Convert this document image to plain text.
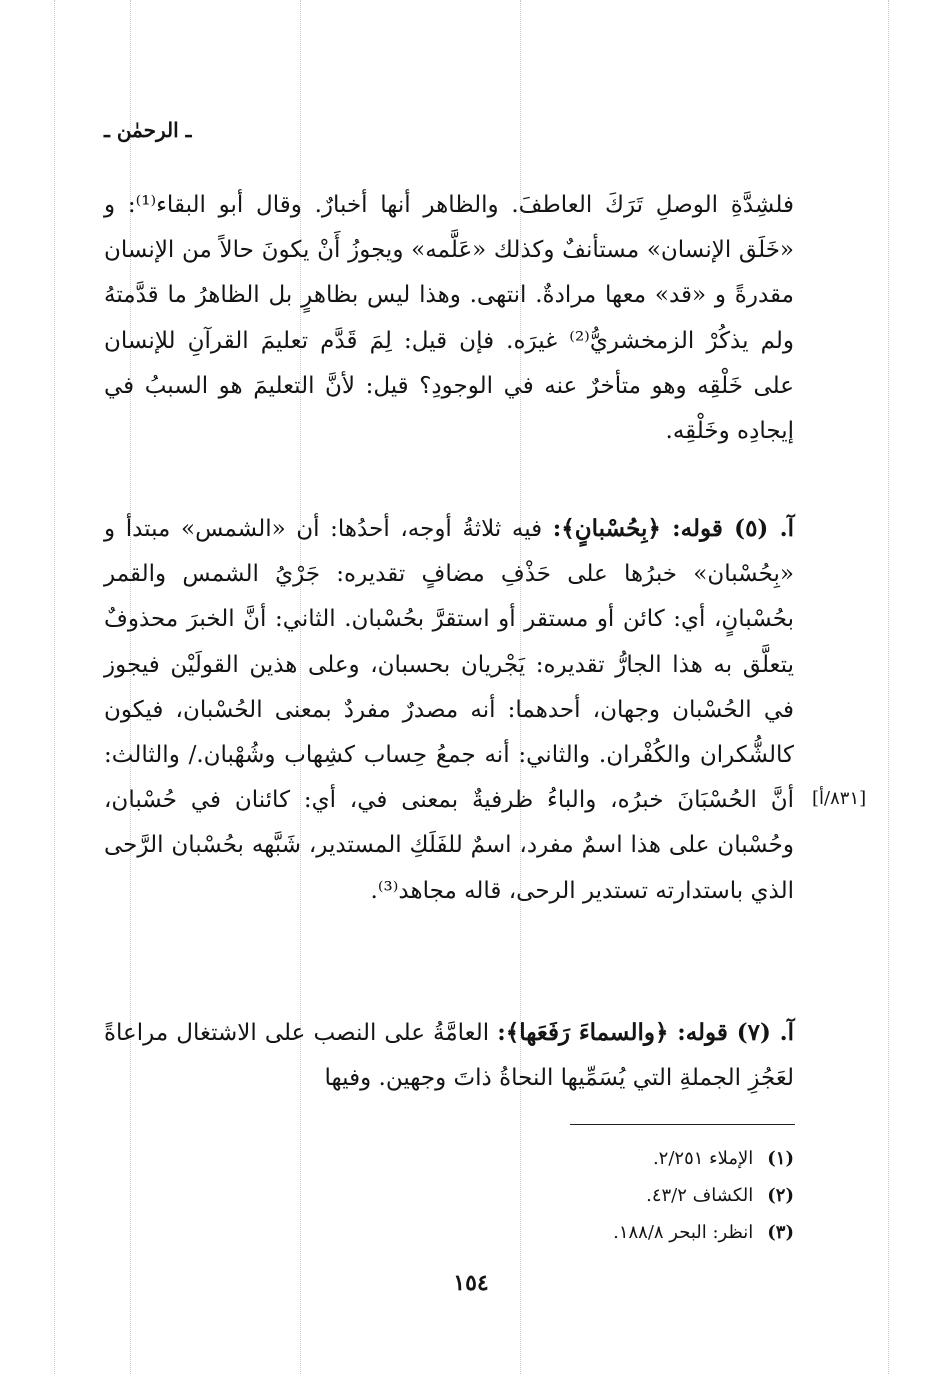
ـ الرحمٰن ـ

فلشِدَّةِ الوصلِ تَرَكَ العاطفَ. والظاهر أنها أخبارٌ. وقال أبو البقاء⁽¹⁾: و «خَلَق الإنسان» مستأنفٌ وكذلك «عَلَّمه» ويجوزُ أَنْ يكونَ حالاً من الإنسان مقدرةً و «قد» معها مرادةٌ. انتهى. وهذا ليس بظاهرٍ بل الظاهرُ ما قدَّمتهُ ولم يذكُرْ الزمخشريُّ⁽²⁾ غيرَه. فإن قيل: لِمَ قَدَّم تعليمَ القرآنِ للإنسان على خَلْقِه وهو متأخرٌ عنه في الوجودِ؟ قيل: لأنَّ التعليمَ هو السببُ في إيجادِه وخَلْقِه.

آ. (٥) قوله: ﴿بِحُسْبانٍ﴾: فيه ثلاثةُ أوجه، أحدُها: أن «الشمس» مبتدأ و «بِحُسْبان» خبرُها على حَذْفِ مضافٍ تقديره: جَرْيُ الشمس والقمر بحُسْبانٍ، أي: كائن أو مستقر أو استقرَّ بحُسْبان. الثاني: أنَّ الخبرَ محذوفٌ يتعلَّق به هذا الجارُّ تقديره: يَجْريان بحسبان، وعلى هذين القولَيْن فيجوز في الحُسْبان وجهان، أحدهما: أنه مصدرٌ مفردٌ بمعنى الحُسْبان، فيكون كالشُّكران والكُفْران. والثاني: أنه جمعُ حِساب كشِهاب وشُهْبان./ والثالث: أنَّ الحُسْبَانَ خبرُه، والباءُ ظرفيةٌ بمعنى في، أي: كائنان في حُسْبان، وحُسْبان على هذا اسمٌ مفرد، اسمٌ للفَلَكِ المستدير، شَبَّهه بحُسْبان الرَّحى الذي باستدارته تستدير الرحى، قاله مجاهد⁽³⁾.

[٨٣١/أ]

آ. (٧) قوله: ﴿والسماءَ رَفَعَها﴾: العامَّةُ على النصب على الاشتغال مراعاةً لعَجُزِ الجملةِ التي يُسَمِّيها النحاةُ ذاتَ وجهين. وفيها

(١)الإملاء ٢/٢٥١.
(٢)الكشاف ٤٣/٢.
(٣)انظر: البحر ١٨٨/٨.
١٥٤
